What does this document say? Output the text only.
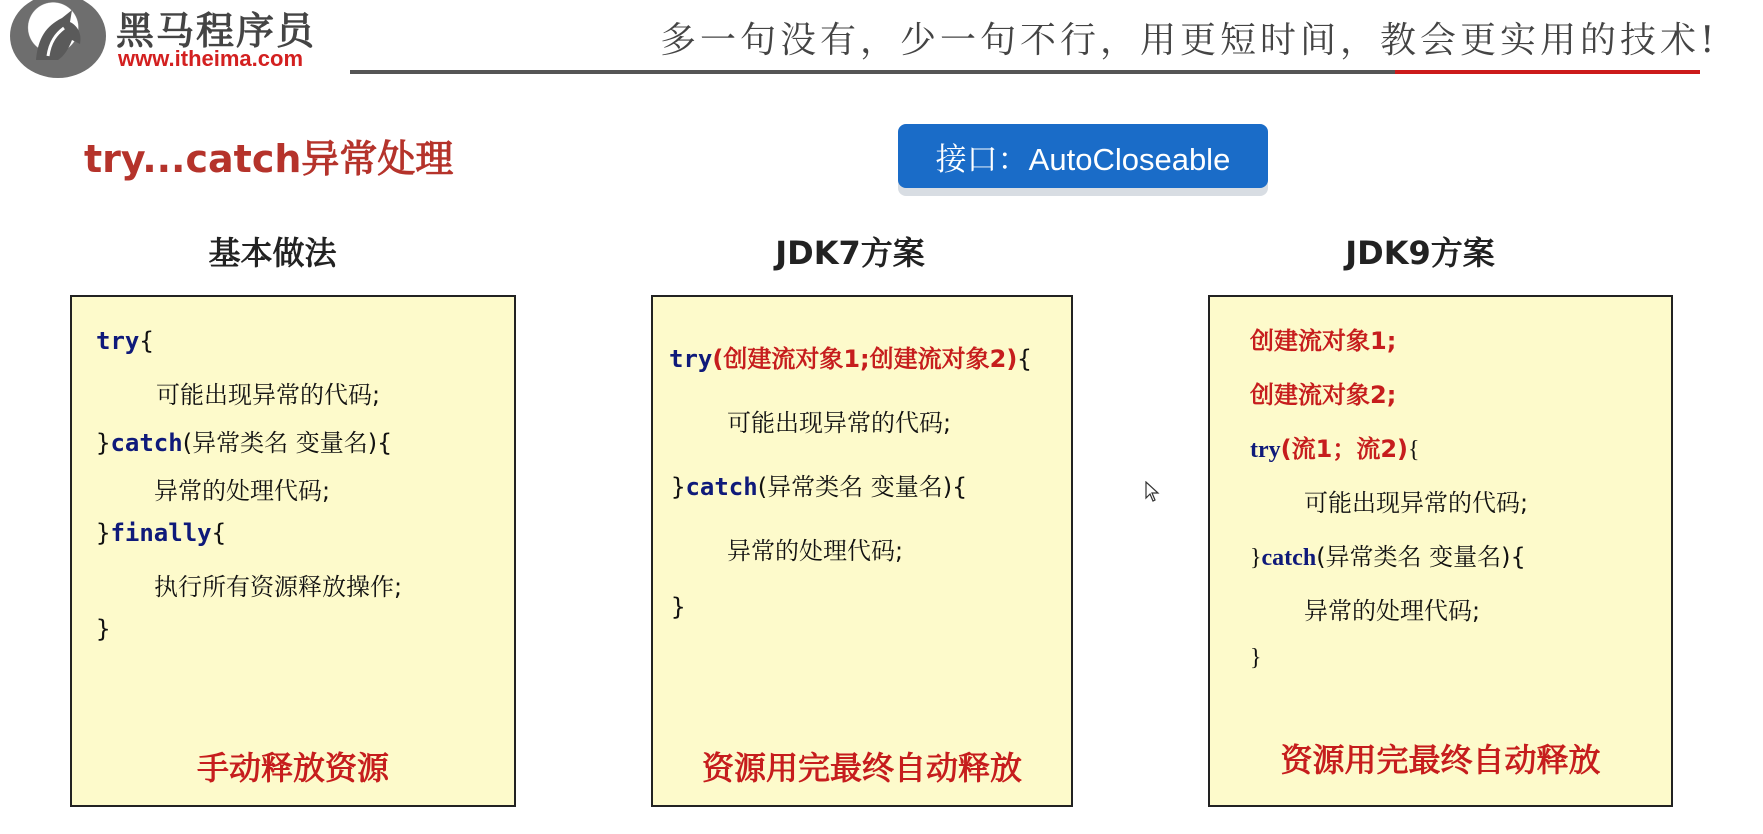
黑马程序员
www.itheima.com	多一句没有，少一句不行，用更短时间，教会更实用的技术!
try...catch异常处理	接口：AutoCloseable
基本做法	JDK7方案	JDK9方案
try{
可能出现异常的代码;
}catch(异常类名 变量名){
异常的处理代码;
}finally{
执行所有资源释放操作;
}
手动释放资源
try(创建流对象1;创建流对象2){
可能出现异常的代码;
}catch(异常类名 变量名){
异常的处理代码;
}
资源用完最终自动释放
创建流对象1;
创建流对象2;
try(流1；流2){
可能出现异常的代码;
}catch(异常类名 变量名){
异常的处理代码;
}
资源用完最终自动释放
